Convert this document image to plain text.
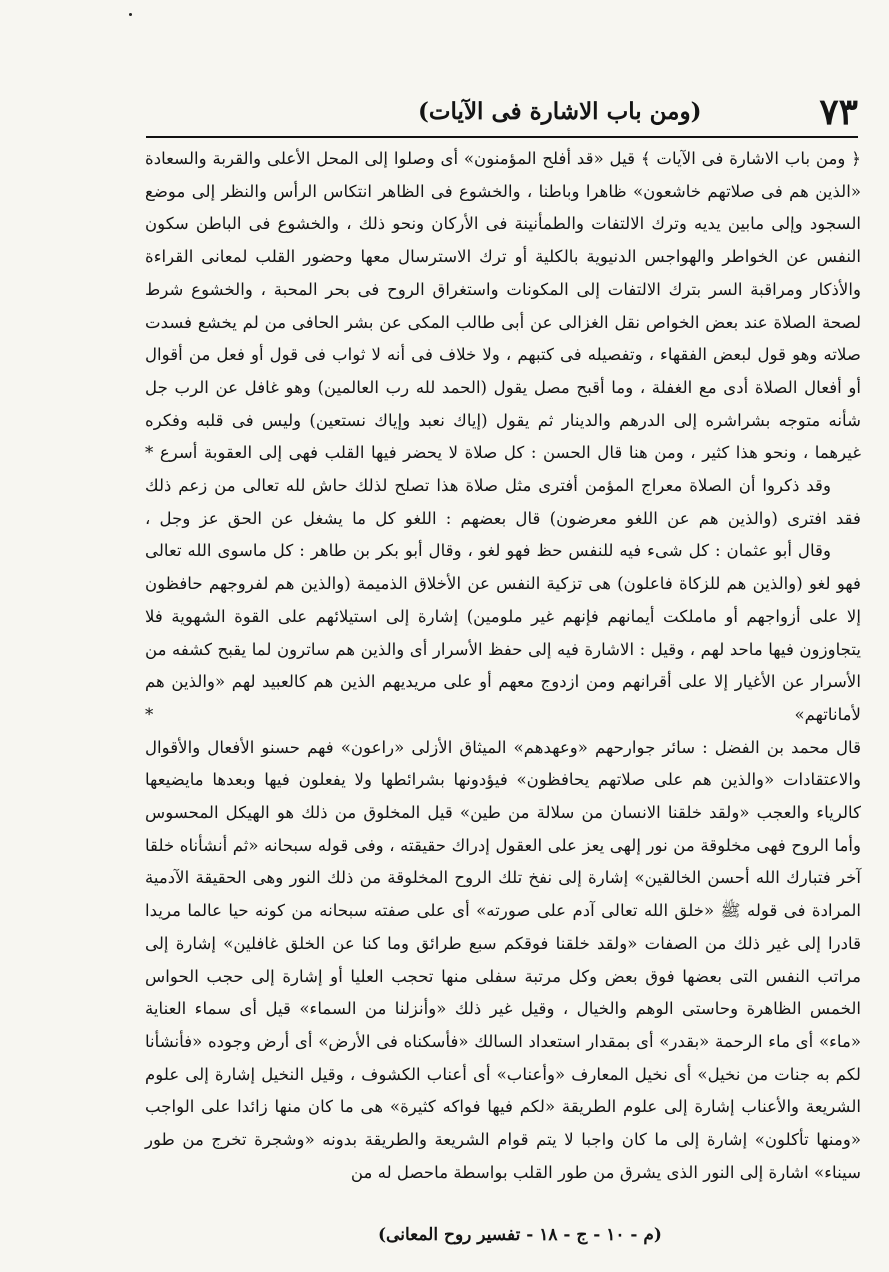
٧٣
(ومن باب الاشارة فى الآيات)

﴿ ومن باب الاشارة فى الآيات ﴾ قيل «قد أفلح المؤمنون» أى وصلوا إلى المحل الأعلى والقربة والسعادة «الذين هم فى صلاتهم خاشعون» ظاهرا وباطنا ، والخشوع فى الظاهر انتكاس الرأس والنظر إلى موضع السجود وإلى مابين يديه وترك الالتفات والطمأنينة فى الأركان ونحو ذلك ، والخشوع فى الباطن سكون النفس عن الخواطر والهواجس الدنيوية بالكلية أو ترك الاسترسال معها وحضور القلب لمعانى القراءة والأذكار ومراقبة السر بترك الالتفات إلى المكونات واستغراق الروح فى بحر المحبة ، والخشوع شرط لصحة الصلاة عند بعض الخواص نقل الغزالى عن أبى طالب المكى عن بشر الحافى من لم يخشع فسدت صلاته وهو قول لبعض الفقهاء ، وتفصيله فى كتبهم ، ولا خلاف فى أنه لا ثواب فى قول أو فعل من أقوال أو أفعال الصلاة أدى مع الغفلة ، وما أقبح مصل يقول (الحمد لله رب العالمين) وهو غافل عن الرب جل شأنه متوجه بشراشره إلى الدرهم والدينار ثم يقول (إياك نعبد وإياك نستعين) وليس فى قلبه وفكره غيرهما ، ونحو هذا كثير ، ومن هنا قال الحسن : كل صلاة لا يحضر فيها القلب فهى إلى العقوبة أسرع *

وقد ذكروا أن الصلاة معراج المؤمن أفترى مثل صلاة هذا تصلح لذلك حاش لله تعالى من زعم ذلك فقد افترى (والذين هم عن اللغو معرضون) قال بعضهم : اللغو كل ما يشغل عن الحق عز وجل ،

وقال أبو عثمان : كل شىء فيه للنفس حظ فهو لغو ، وقال أبو بكر بن طاهر : كل ماسوى الله تعالى فهو لغو (والذين هم للزكاة فاعلون) هى تزكية النفس عن الأخلاق الذميمة (والذين هم لفروجهم حافظون إلا على أزواجهم أو ماملكت أيمانهم فإنهم غير ملومين) إشارة إلى استيلائهم على القوة الشهوية فلا يتجاوزون فيها ماحد لهم ، وقيل : الاشارة فيه إلى حفظ الأسرار أى والذين هم ساترون لما يقبح كشفه من الأسرار عن الأغيار إلا على أقرانهم ومن ازدوج معهم أو على مريديهم الذين هم كالعبيد لهم «والذين هم لأماناتهم» *

قال محمد بن الفضل : سائر جوارحهم «وعهدهم» الميثاق الأزلى «راعون» فهم حسنو الأفعال والأقوال والاعتقادات «والذين هم على صلاتهم يحافظون» فيؤدونها بشرائطها ولا يفعلون فيها وبعدها مايضيعها كالرياء والعجب «ولقد خلقنا الانسان من سلالة من طين» قيل المخلوق من ذلك هو الهيكل المحسوس وأما الروح فهى مخلوقة من نور إلهى يعز على العقول إدراك حقيقته ، وفى قوله سبحانه «ثم أنشأناه خلقا آخر فتبارك الله أحسن الخالقين» إشارة إلى نفخ تلك الروح المخلوقة من ذلك النور وهى الحقيقة الآدمية المرادة فى قوله ﷺ «خلق الله تعالى آدم على صورته» أى على صفته سبحانه من كونه حيا عالما مريدا قادرا إلى غير ذلك من الصفات «ولقد خلقنا فوقكم سبع طرائق وما كنا عن الخلق غافلين» إشارة إلى مراتب النفس التى بعضها فوق بعض وكل مرتبة سفلى منها تحجب العليا أو إشارة إلى حجب الحواس الخمس الظاهرة وحاستى الوهم والخيال ، وقيل غير ذلك «وأنزلنا من السماء» قيل أى سماء العناية «ماء» أى ماء الرحمة «بقدر» أى بمقدار استعداد السالك «فأسكناه فى الأرض» أى أرض وجوده «فأنشأنا لكم به جنات من نخيل» أى نخيل المعارف «وأعناب» أى أعناب الكشوف ، وقيل النخيل إشارة إلى علوم الشريعة والأعناب إشارة إلى علوم الطريقة «لكم فيها فواكه كثيرة» هى ما كان منها زائدا على الواجب «ومنها تأكلون» إشارة إلى ما كان واجبا لا يتم قوام الشريعة والطريقة بدونه «وشجرة تخرج من طور سيناء» اشارة إلى النور الذى يشرق من طور القلب بواسطة ماحصل له من

(م - ١٠ - ج - ١٨ - تفسير روح المعانى)
